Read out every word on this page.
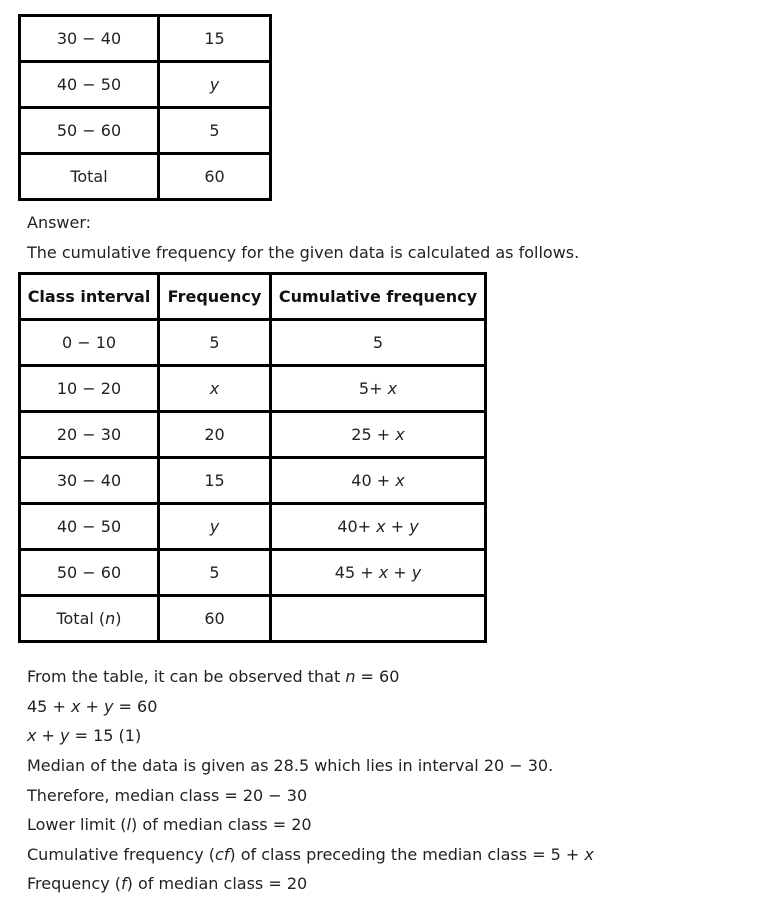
30 − 40	15
40 − 50	y
50 − 60	5
Total	60
Answer:
The cumulative frequency for the given data is calculated as follows.
Class interval	Frequency	Cumulative frequency
0 − 10	5	5
10 − 20	x	5+ x
20 − 30	20	25 + x
30 − 40	15	40 + x
40 − 50	y	40+ x + y
50 − 60	5	45 + x + y
Total (n)	60	
From the table, it can be observed that n = 60
45 + x + y = 60
x + y = 15 (1)
Median of the data is given as 28.5 which lies in interval 20 − 30.
Therefore, median class = 20 − 30
Lower limit (l) of median class = 20
Cumulative frequency (cf) of class preceding the median class = 5 + x
Frequency (f) of median class = 20
